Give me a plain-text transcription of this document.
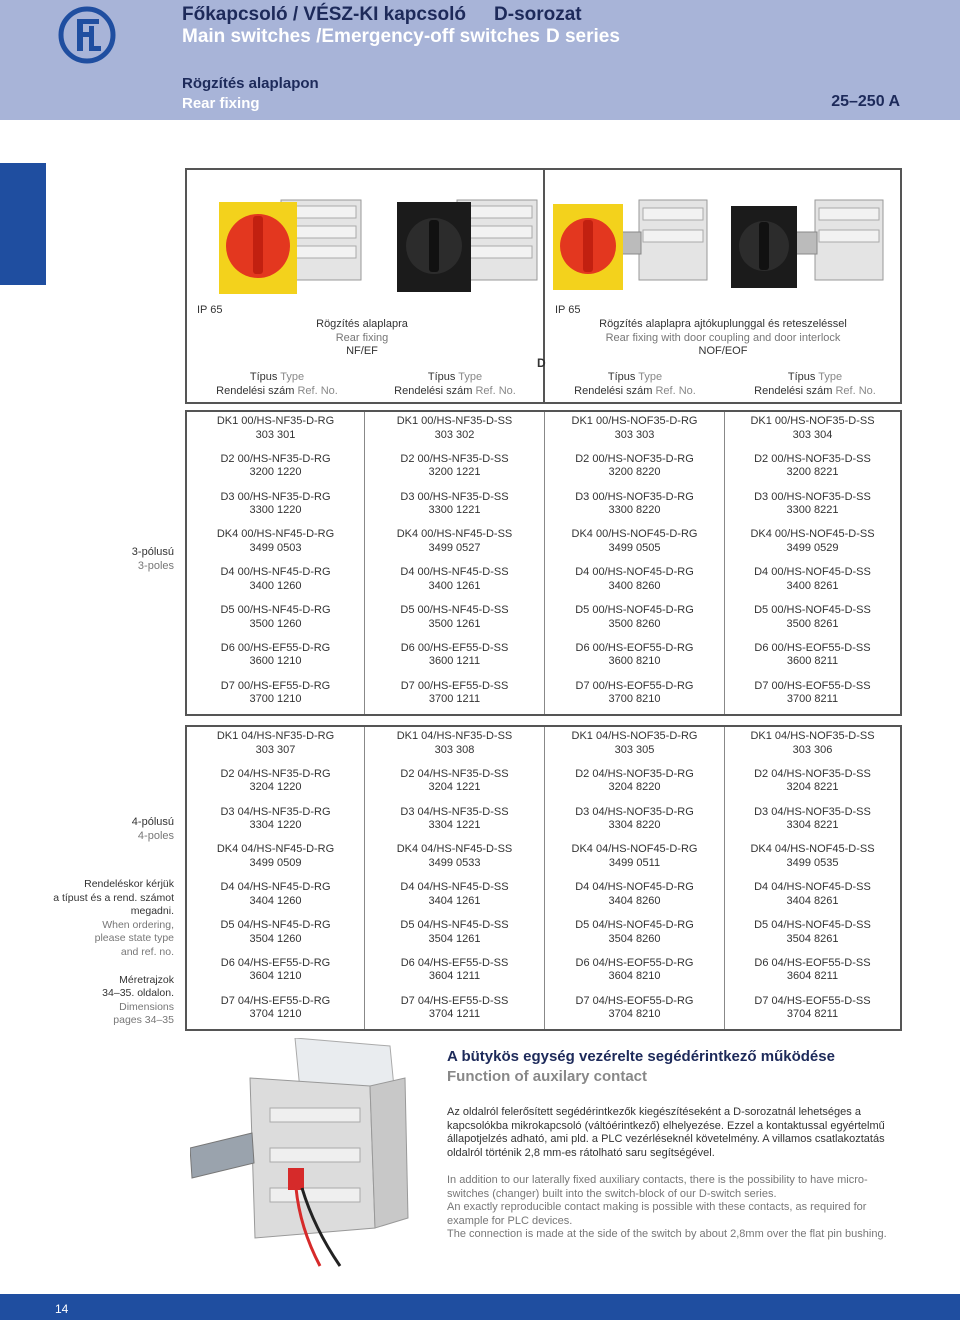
Főkapcsoló / VÉSZ-KI kapcsoló D-sorozat
Main switches /Emergency-off switches D series
Rögzítés alaplapon
Rear fixing	25–250 A
IP 65	IP 65
Rögzítés alaplapra
Rear fixing
NF/EF
Rögzítés alaplapra ajtókuplunggal és reteszeléssel
Rear fixing with door coupling and door interlock
NOF/EOF
D
Típus Type
Rendelési szám Ref. No.
Típus Type
Rendelési szám Ref. No.
Típus Type
Rendelési szám Ref. No.
Típus Type
Rendelési szám Ref. No.
DK1 00/HS-NF35-D-RG
303 301
DK1 00/HS-NF35-D-SS
303 302
DK1 00/HS-NOF35-D-RG
303 303
DK1 00/HS-NOF35-D-SS
303 304
D2 00/HS-NF35-D-RG
3200 1220
D2 00/HS-NF35-D-SS
3200 1221
D2 00/HS-NOF35-D-RG
3200 8220
D2 00/HS-NOF35-D-SS
3200 8221
D3 00/HS-NF35-D-RG
3300 1220
D3 00/HS-NF35-D-SS
3300 1221
D3 00/HS-NOF35-D-RG
3300 8220
D3 00/HS-NOF35-D-SS
3300 8221
DK4 00/HS-NF45-D-RG
3499 0503
DK4 00/HS-NF45-D-SS
3499 0527
DK4 00/HS-NOF45-D-RG
3499 0505
DK4 00/HS-NOF45-D-SS
3499 0529
D4 00/HS-NF45-D-RG
3400 1260
D4 00/HS-NF45-D-SS
3400 1261
D4 00/HS-NOF45-D-RG
3400 8260
D4 00/HS-NOF45-D-SS
3400 8261
D5 00/HS-NF45-D-RG
3500 1260
D5 00/HS-NF45-D-SS
3500 1261
D5 00/HS-NOF45-D-RG
3500 8260
D5 00/HS-NOF45-D-SS
3500 8261
D6 00/HS-EF55-D-RG
3600 1210
D6 00/HS-EF55-D-SS
3600 1211
D6 00/HS-EOF55-D-RG
3600 8210
D6 00/HS-EOF55-D-SS
3600 8211
D7 00/HS-EF55-D-RG
3700 1210
D7 00/HS-EF55-D-SS
3700 1211
D7 00/HS-EOF55-D-RG
3700 8210
D7 00/HS-EOF55-D-SS
3700 8211
3-pólusú
3-poles
DK1 04/HS-NF35-D-RG
303 307
DK1 04/HS-NF35-D-SS
303 308
DK1 04/HS-NOF35-D-RG
303 305
DK1 04/HS-NOF35-D-SS
303 306
D2 04/HS-NF35-D-RG
3204 1220
D2 04/HS-NF35-D-SS
3204 1221
D2 04/HS-NOF35-D-RG
3204 8220
D2 04/HS-NOF35-D-SS
3204 8221
D3 04/HS-NF35-D-RG
3304 1220
D3 04/HS-NF35-D-SS
3304 1221
D3 04/HS-NOF35-D-RG
3304 8220
D3 04/HS-NOF35-D-SS
3304 8221
DK4 04/HS-NF45-D-RG
3499 0509
DK4 04/HS-NF45-D-SS
3499 0533
DK4 04/HS-NOF45-D-RG
3499 0511
DK4 04/HS-NOF45-D-SS
3499 0535
D4 04/HS-NF45-D-RG
3404 1260
D4 04/HS-NF45-D-SS
3404 1261
D4 04/HS-NOF45-D-RG
3404 8260
D4 04/HS-NOF45-D-SS
3404 8261
D5 04/HS-NF45-D-RG
3504 1260
D5 04/HS-NF45-D-SS
3504 1261
D5 04/HS-NOF45-D-RG
3504 8260
D5 04/HS-NOF45-D-SS
3504 8261
D6 04/HS-EF55-D-RG
3604 1210
D6 04/HS-EF55-D-SS
3604 1211
D6 04/HS-EOF55-D-RG
3604 8210
D6 04/HS-EOF55-D-SS
3604 8211
D7 04/HS-EF55-D-RG
3704 1210
D7 04/HS-EF55-D-SS
3704 1211
D7 04/HS-EOF55-D-RG
3704 8210
D7 04/HS-EOF55-D-SS
3704 8211
4-pólusú
4-poles
Rendeléskor kérjük
a típust és a rend. számot
megadni.
When ordering,
please state type
and ref. no.
Méretrajzok
34–35. oldalon.
Dimensions
pages 34–35
A bütykös egység vezérelte segédérintkező működése
Function of auxilary contact
Az oldalról felerősített segédérintkezők kiegészítéseként a D-sorozatnál lehetséges a kapcsolókba mikrokapcsoló (váltóérintkező) elhelyezése. Ezzel a kontaktussal egyértelmű állapotjelzés adható, ami pld. a PLC vezérléseknél követelmény. A villamos csatlakoztatás oldalról történik 2,8 mm-es rátolható saru segítségével.
In addition to our laterally fixed auxiliary contacts, there is the possibility to have micro-switches (changer) built into the switch-block of our D-switch series.
An exactly reproducible contact making is possible with these contacts, as required for example for PLC devices.
The connection is made at the side of the switch by about 2,8mm over the flat pin bushing.
14
